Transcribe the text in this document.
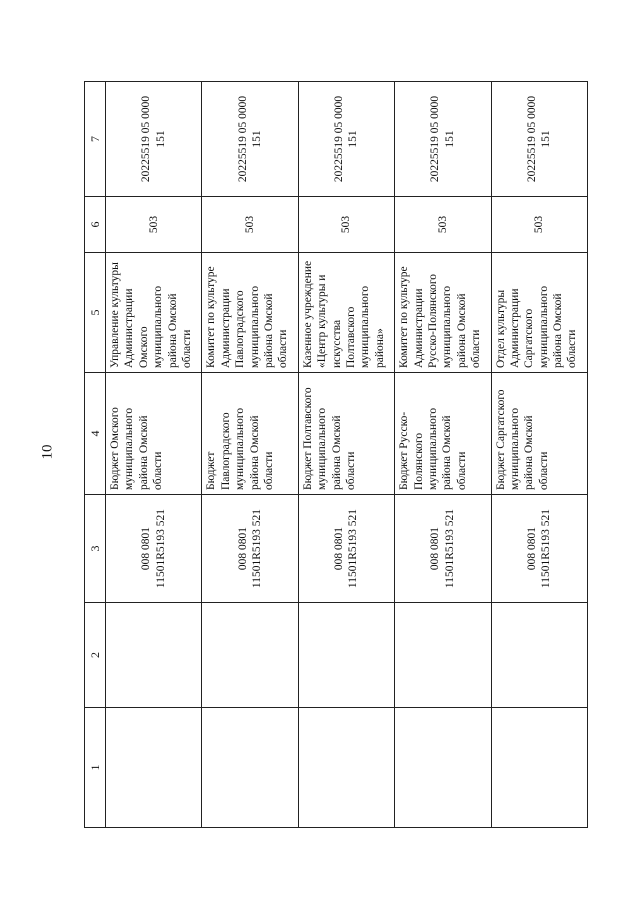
10
1	2	3	4	5	6	7
		008 0801 11501R5193 521	Бюджет Омского муниципального района Омской области	Управление культуры Администрации Омского муниципального района Омской области	503	20225519 05 0000 151
		008 0801 11501R5193 521	Бюджет Павлоградского муниципального района Омской области	Комитет по культуре Администрации Павлоградского муниципального района Омской области	503	20225519 05 0000 151
		008 0801 11501R5193 521	Бюджет Полтавского муниципального района Омской области	Казенное учреждение «Центр культуры и искусства Полтавского муниципального района»	503	20225519 05 0000 151
		008 0801 11501R5193 521	Бюджет Русско-Полянского муниципального района Омской области	Комитет по культуре Администрации Русско-Полянского муниципального района Омской области	503	20225519 05 0000 151
		008 0801 11501R5193 521	Бюджет Саргатского муниципального района Омской области	Отдел культуры Администрации Саргатского муниципального района Омской области	503	20225519 05 0000 151
